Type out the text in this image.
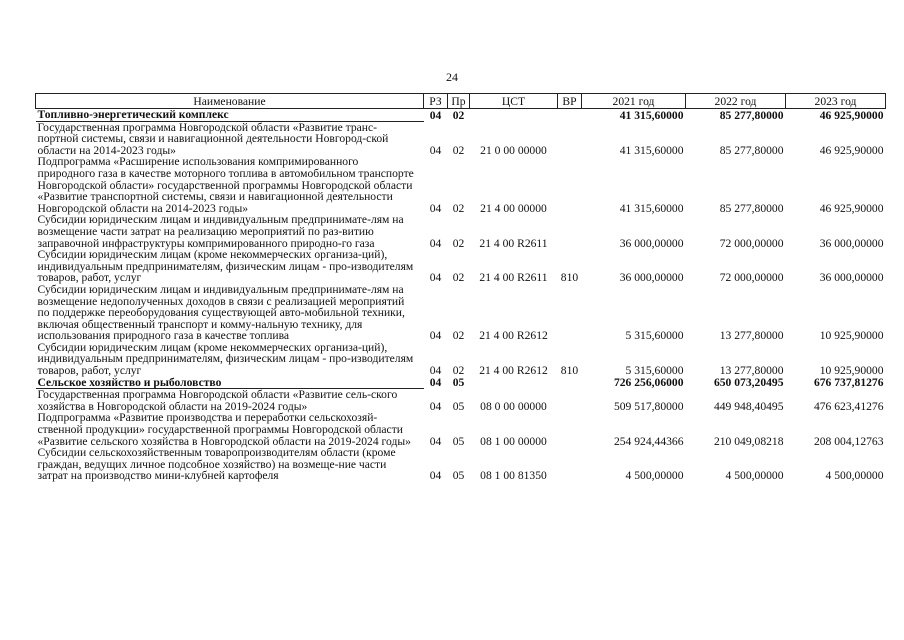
24
Наименование	РЗ	Пр	ЦСТ	ВР	2021 год	2022 год	2023 год
Топливно-энергетический комплекс	04	02			41 315,60000	85 277,80000	46 925,90000
Государственная программа Новгородской области «Развитие транс-портной системы, связи и навигационной деятельности Новгород-ской области на 2014-2023 годы»	04	02	21 0 00 00000		41 315,60000	85 277,80000	46 925,90000
Подпрограмма «Расширение использования компримированного природного газа в качестве моторного топлива в автомобильном транспорте Новгородской области» государственной программы Новгородской области «Развитие транспортной системы, связи и навигационной деятельности Новгородской области на 2014-2023 годы»	04	02	21 4 00 00000		41 315,60000	85 277,80000	46 925,90000
Субсидии юридическим лицам и индивидуальным предпринимате-лям на возмещение части затрат на реализацию мероприятий по раз-витию заправочной инфраструктуры компримированного природно-го газа	04	02	21 4 00 R2611		36 000,00000	72 000,00000	36 000,00000
Субсидии юридическим лицам (кроме некоммерческих организа-ций), индивидуальным предпринимателям, физическим лицам - про-изводителям товаров, работ, услуг	04	02	21 4 00 R2611	810	36 000,00000	72 000,00000	36 000,00000
Субсидии юридическим лицам и индивидуальным предпринимате-лям на возмещение недополученных доходов в связи с реализацией мероприятий по поддержке переоборудования существующей авто-мобильной техники, включая общественный транспорт и комму-нальную технику, для использования природного газа в качестве топлива	04	02	21 4 00 R2612		5 315,60000	13 277,80000	10 925,90000
Субсидии юридическим лицам (кроме некоммерческих организа-ций), индивидуальным предпринимателям, физическим лицам - про-изводителям товаров, работ, услуг	04	02	21 4 00 R2612	810	5 315,60000	13 277,80000	10 925,90000
Сельское хозяйство и рыболовство	04	05			726 256,06000	650 073,20495	676 737,81276
Государственная программа Новгородской области «Развитие сель-ского хозяйства в Новгородской области на 2019-2024 годы»	04	05	08 0 00 00000		509 517,80000	449 948,40495	476 623,41276
Подпрограмма «Развитие производства и переработки сельскохозяй-ственной продукции» государственной программы Новгородской области «Развитие сельского хозяйства в Новгородской области на 2019-2024 годы»	04	05	08 1 00 00000		254 924,44366	210 049,08218	208 004,12763
Субсидии сельскохозяйственным товаропроизводителям области (кроме граждан, ведущих личное подсобное хозяйство) на возмеще-ние части затрат на производство мини-клубней картофеля	04	05	08 1 00 81350		4 500,00000	4 500,00000	4 500,00000
